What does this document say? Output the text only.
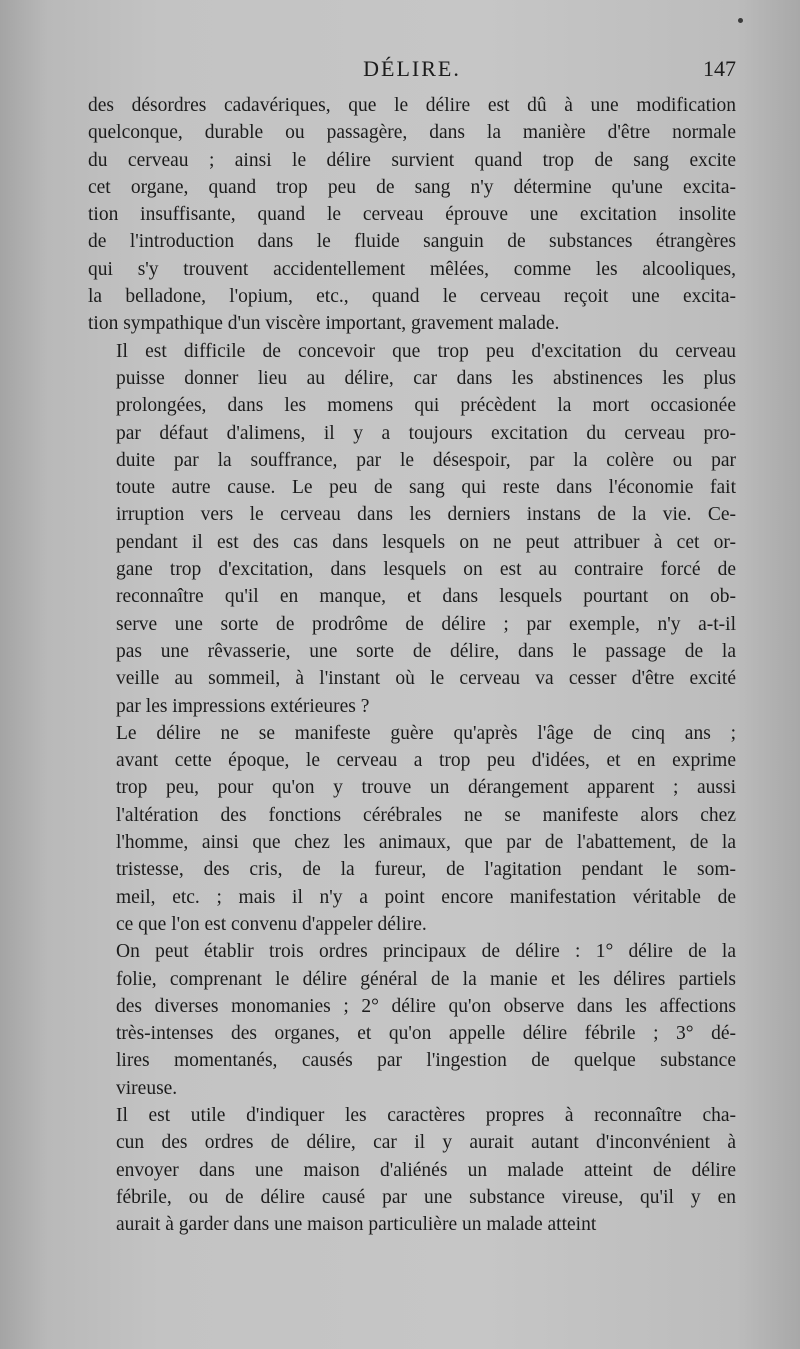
DÉLIRE.	147

des désordres cadavériques, que le délire est dû à une modification
quelconque, durable ou passagère, dans la manière d'être normale
du cerveau ; ainsi le délire survient quand trop de sang excite
cet organe, quand trop peu de sang n'y détermine qu'une excita-
tion insuffisante, quand le cerveau éprouve une excitation insolite
de l'introduction dans le fluide sanguin de substances étrangères
qui s'y trouvent accidentellement mêlées, comme les alcooliques,
la belladone, l'opium, etc., quand le cerveau reçoit une excita-
tion sympathique d'un viscère important, gravement malade.

Il est difficile de concevoir que trop peu d'excitation du cerveau
puisse donner lieu au délire, car dans les abstinences les plus
prolongées, dans les momens qui précèdent la mort occasionée
par défaut d'alimens, il y a toujours excitation du cerveau pro-
duite par la souffrance, par le désespoir, par la colère ou par
toute autre cause. Le peu de sang qui reste dans l'économie fait
irruption vers le cerveau dans les derniers instans de la vie. Ce-
pendant il est des cas dans lesquels on ne peut attribuer à cet or-
gane trop d'excitation, dans lesquels on est au contraire forcé de
reconnaître qu'il en manque, et dans lesquels pourtant on ob-
serve une sorte de prodrôme de délire ; par exemple, n'y a-t-il
pas une rêvasserie, une sorte de délire, dans le passage de la
veille au sommeil, à l'instant où le cerveau va cesser d'être excité
par les impressions extérieures ?

Le délire ne se manifeste guère qu'après l'âge de cinq ans ;
avant cette époque, le cerveau a trop peu d'idées, et en exprime
trop peu, pour qu'on y trouve un dérangement apparent ; aussi
l'altération des fonctions cérébrales ne se manifeste alors chez
l'homme, ainsi que chez les animaux, que par de l'abattement, de la
tristesse, des cris, de la fureur, de l'agitation pendant le som-
meil, etc. ; mais il n'y a point encore manifestation véritable de
ce que l'on est convenu d'appeler délire.

On peut établir trois ordres principaux de délire : 1° délire de la
folie, comprenant le délire général de la manie et les délires partiels
des diverses monomanies ; 2° délire qu'on observe dans les affections
très-intenses des organes, et qu'on appelle délire fébrile ; 3° dé-
lires momentanés, causés par l'ingestion de quelque substance
vireuse.

Il est utile d'indiquer les caractères propres à reconnaître cha-
cun des ordres de délire, car il y aurait autant d'inconvénient à
envoyer dans une maison d'aliénés un malade atteint de délire
fébrile, ou de délire causé par une substance vireuse, qu'il y en
aurait à garder dans une maison particulière un malade atteint
